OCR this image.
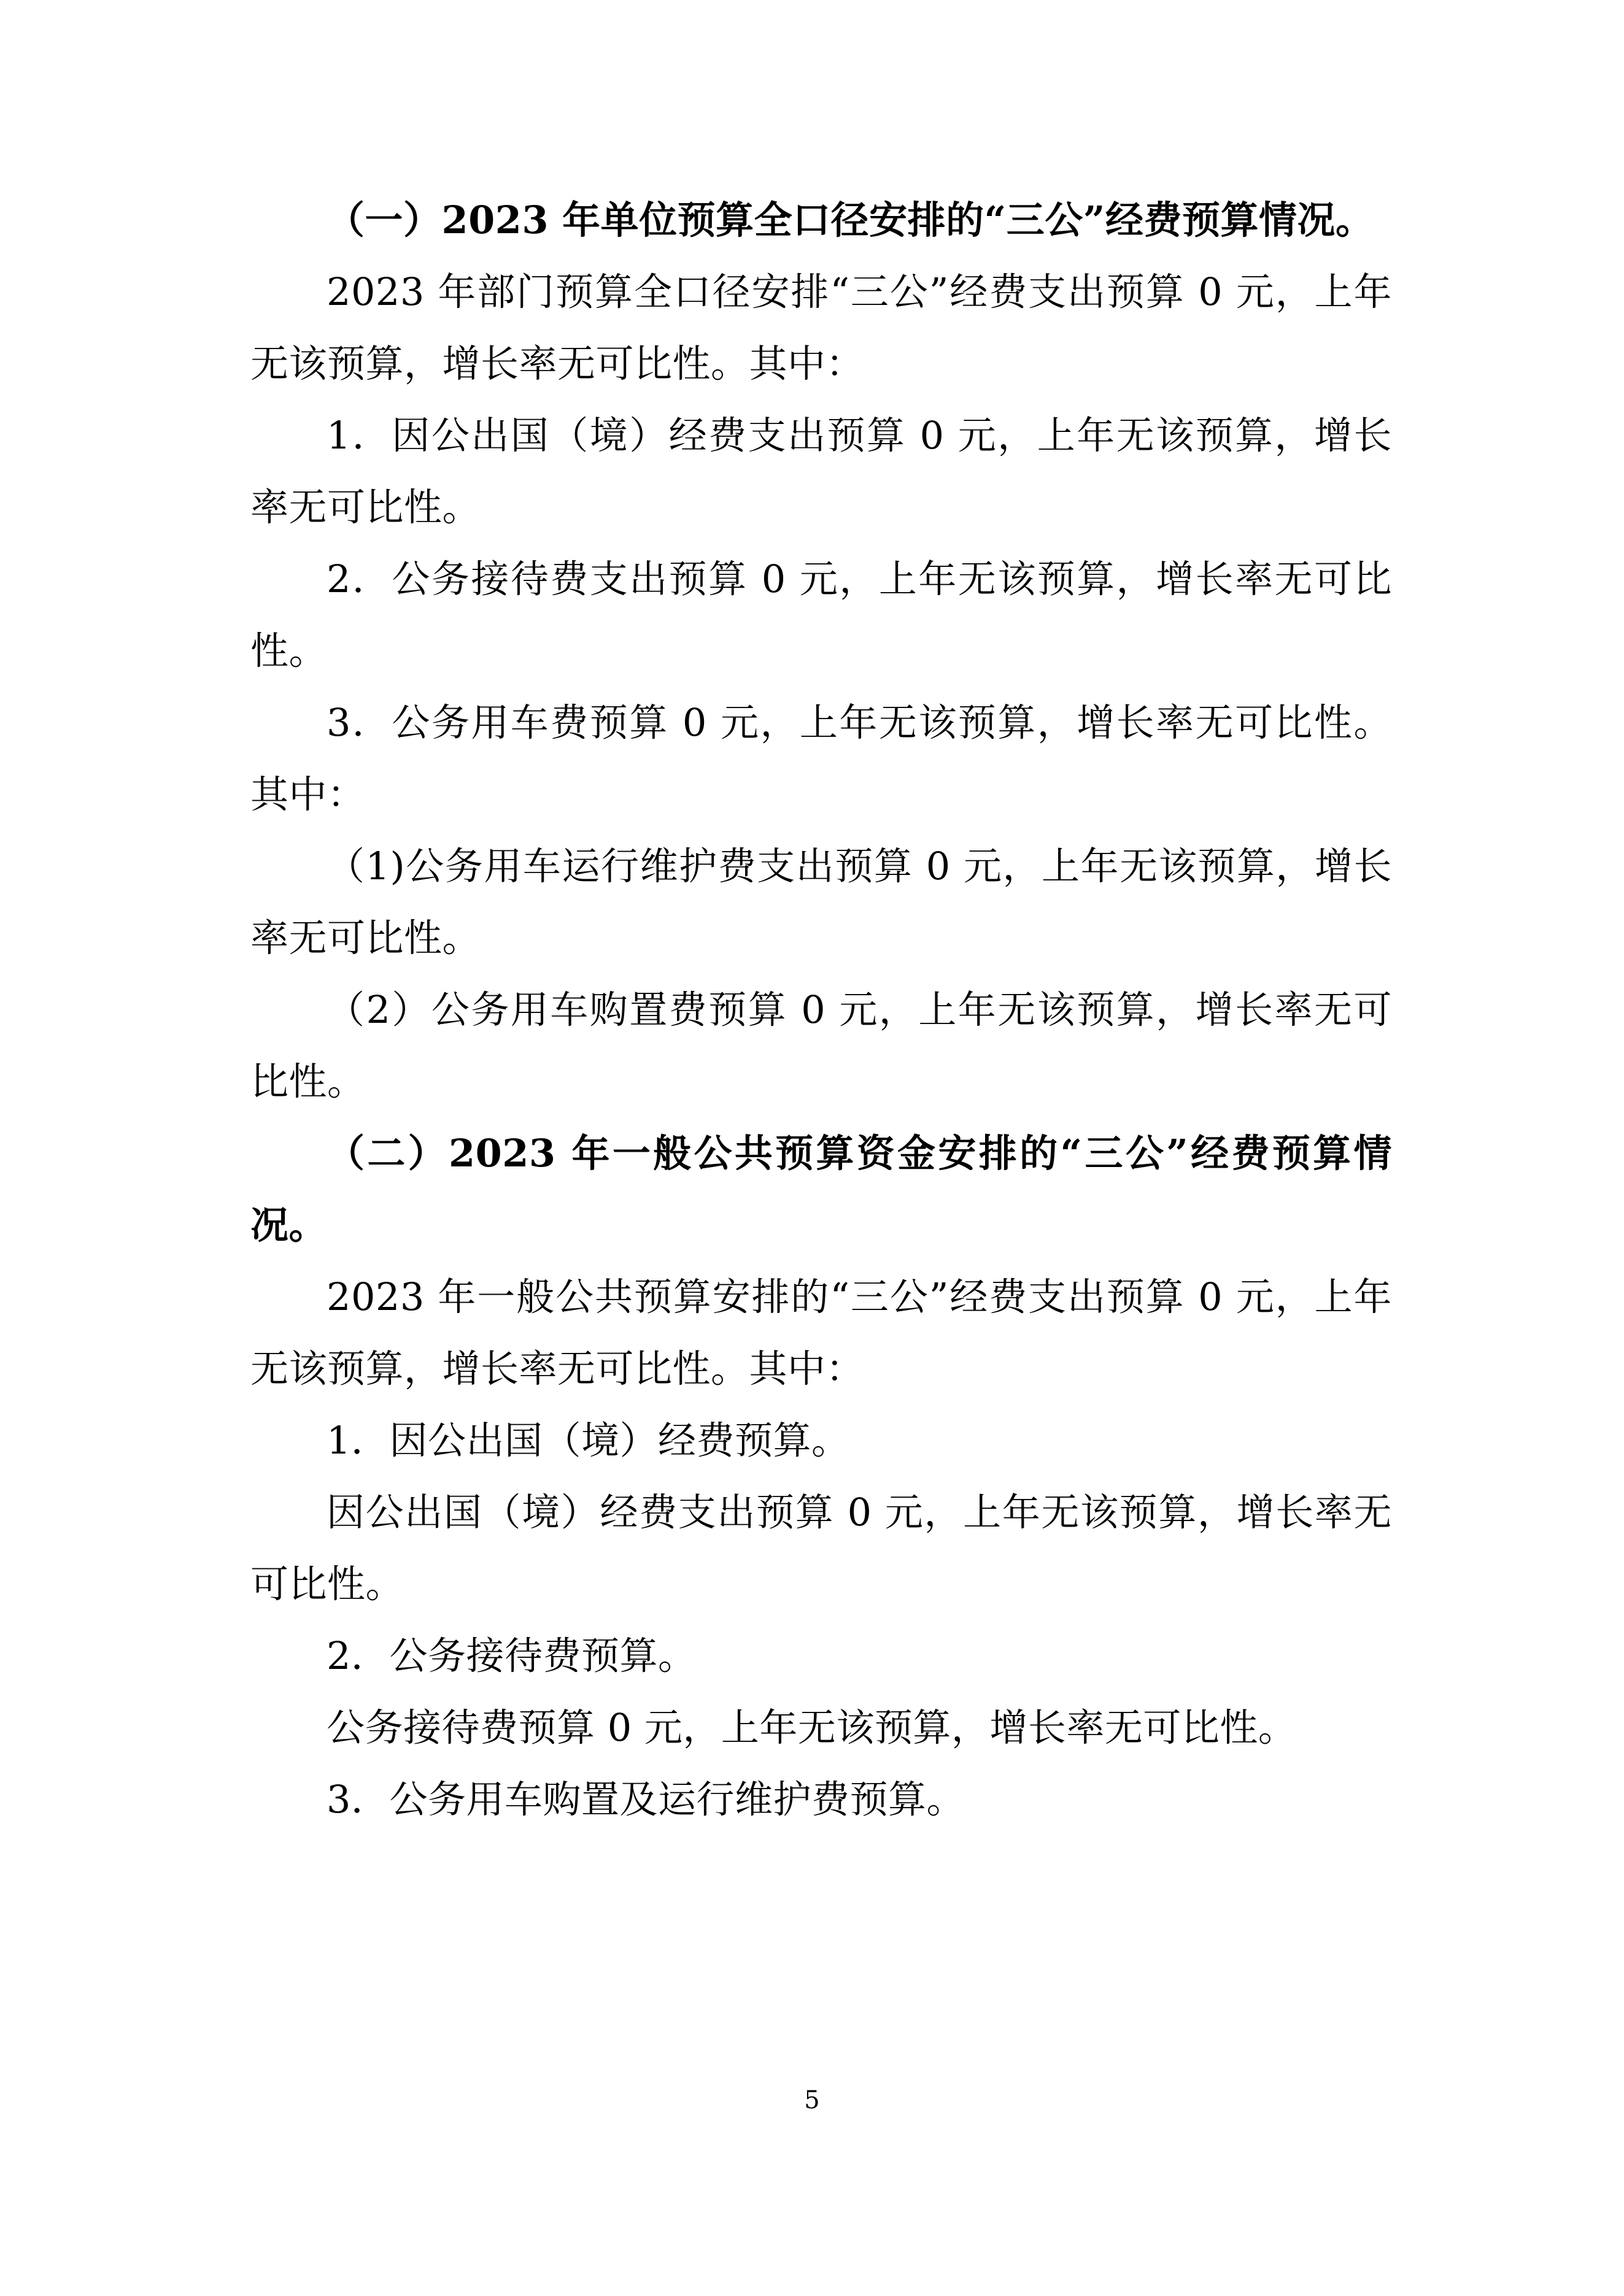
（一）2023 年单位预算全口径安排的“三公”经费预算情况。

2023 年部门预算全口径安排“三公”经费支出预算 0 元，上年无该预算，增长率无可比性。其中：

1．因公出国（境）经费支出预算 0 元，上年无该预算，增长率无可比性。

2．公务接待费支出预算 0 元，上年无该预算，增长率无可比性。

3．公务用车费预算 0 元，上年无该预算，增长率无可比性。其中：

（1)公务用车运行维护费支出预算 0 元，上年无该预算，增长率无可比性。

（2）公务用车购置费预算 0 元，上年无该预算，增长率无可比性。

（二）2023 年一般公共预算资金安排的“三公”经费预算情况。

2023 年一般公共预算安排的“三公”经费支出预算 0 元，上年无该预算，增长率无可比性。其中：

1．因公出国（境）经费预算。

因公出国（境）经费支出预算 0 元，上年无该预算，增长率无可比性。

2．公务接待费预算。

公务接待费预算 0 元，上年无该预算，增长率无可比性。

3．公务用车购置及运行维护费预算。

5
